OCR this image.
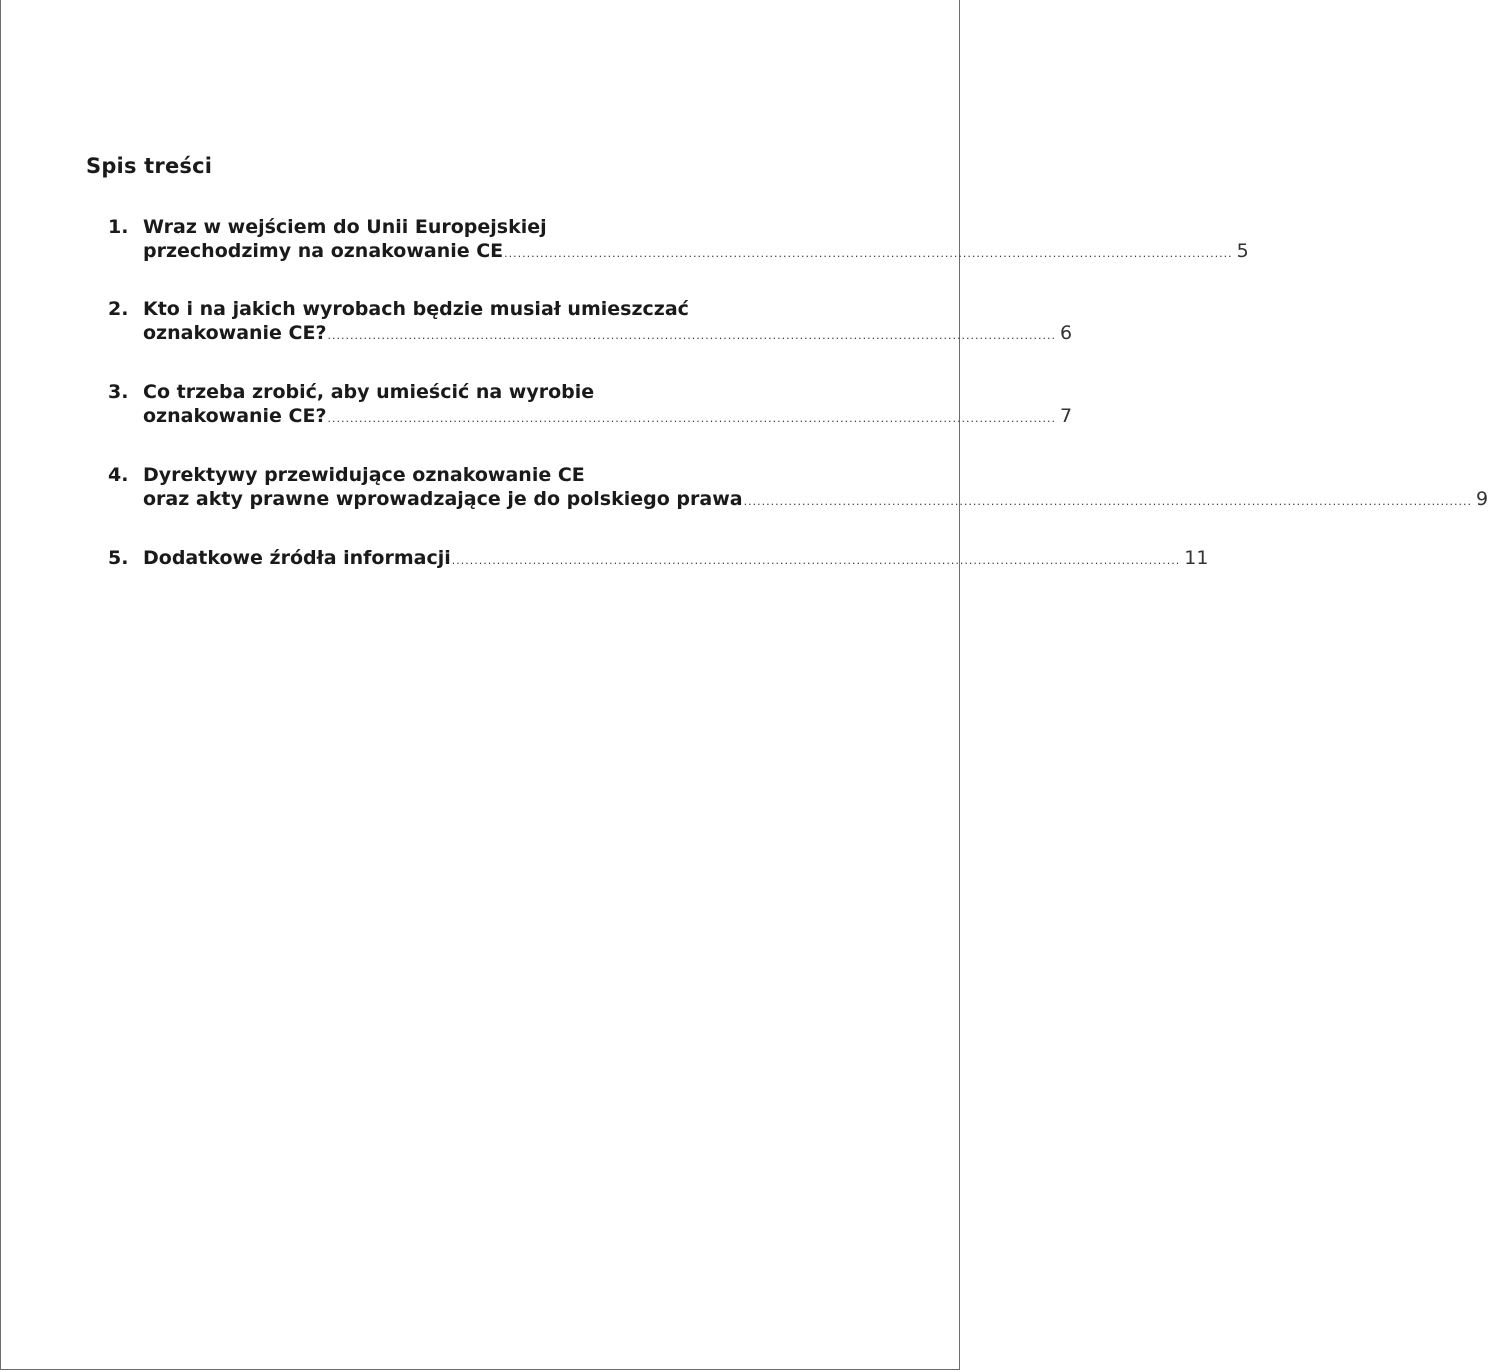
Spis treści
1. Wraz w wejściem do Unii Europejskiej
przechodzimy na oznakowanie CE .................................................................................................................................................................. 5
2. Kto i na jakich wyrobach będzie musiał umieszczać
oznakowanie CE? .................................................................................................................................................................. 6
3. Co trzeba zrobić, aby umieścić na wyrobie
oznakowanie CE? .................................................................................................................................................................. 7
4. Dyrektywy przewidujące oznakowanie CE
oraz akty prawne wprowadzające je do polskiego prawa .................................................................................................................................................................. 9
5. Dodatkowe źródła informacji .................................................................................................................................................................. 11
